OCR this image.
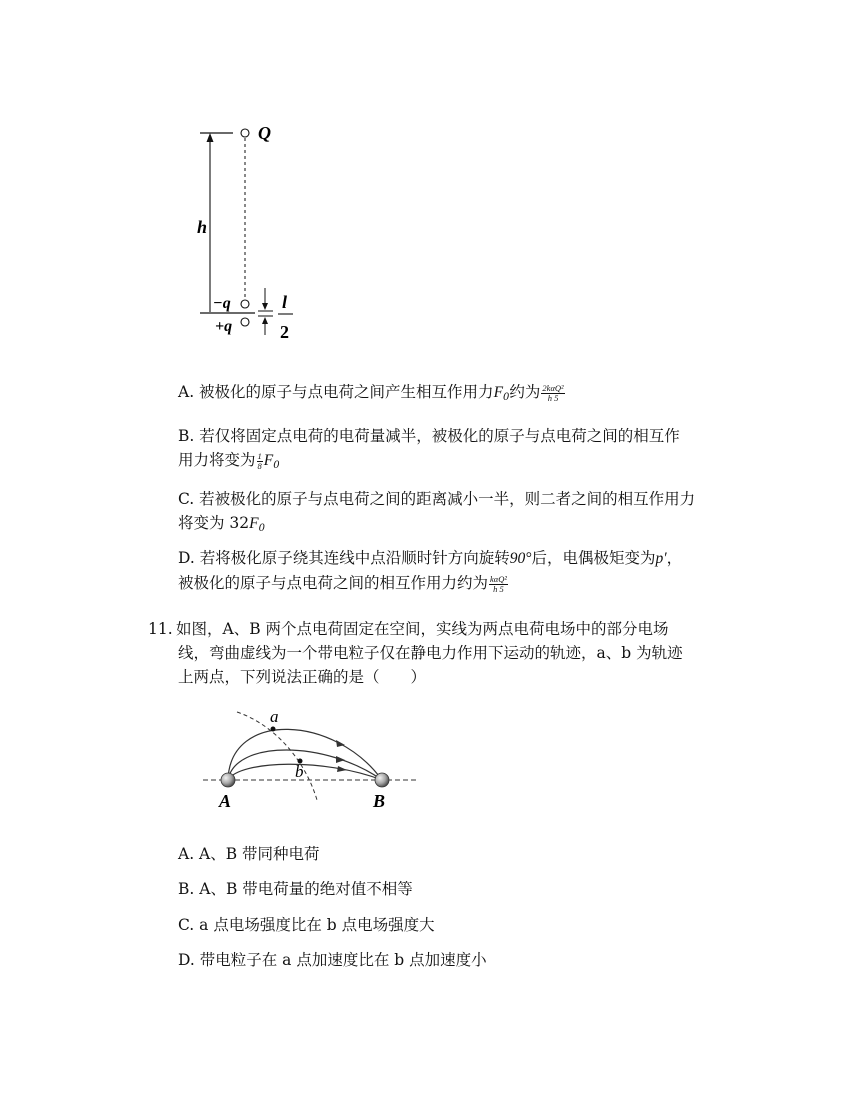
Q
h
−q
+q
l
2
A. 被极化的原子与点电荷之间产生相互作用力$F_0$约为 $\frac{\text{2kαQ²}}{h 5}$
B. 若仅将固定点电荷的电荷量减半，被极化的原子与点电荷之间的相互作
用力将变为 $\frac{1}{8} F_0$
C. 若被极化的原子与点电荷之间的距离减小一半，则二者之间的相互作用力
将变为 $32F_0$
D. 若将极化原子绕其连线中点沿顺时针方向旋转90°后，电偶极矩变为p′，
被极化的原子与点电荷之间的相互作用力约为 $\frac{\text{kαQ²}}{h 5}$
11. 如图，A、B 两个点电荷固定在空间，实线为两点电荷电场中的部分电场
线，弯曲虚线为一个带电粒子仅在静电力作用下运动的轨迹，a、b 为轨迹
上两点，下列说法正确的是（　　）
a
b
A	B
A. A、B 带同种电荷
B. A、B 带电荷量的绝对值不相等
C. a 点电场强度比在 b 点电场强度大
D. 带电粒子在 a 点加速度比在 b 点加速度小
